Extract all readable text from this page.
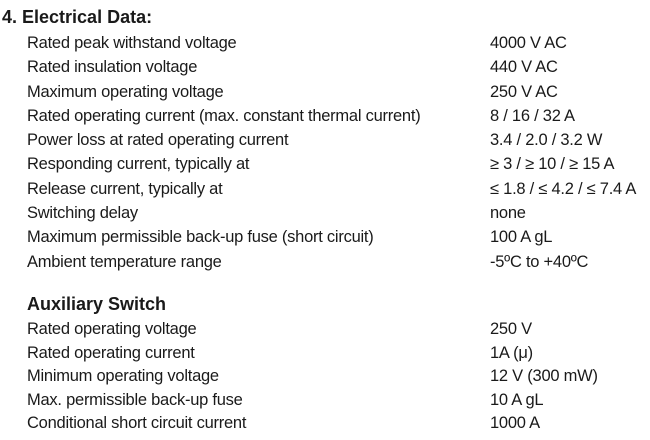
4. Electrical Data:
Rated peak withstand voltage	4000 V AC
Rated insulation voltage	440 V AC
Maximum operating voltage	250 V AC
Rated operating current (max. constant thermal current)	8 / 16 / 32 A
Power loss at rated operating current	3.4 / 2.0 / 3.2 W
Responding current, typically at	≥ 3 / ≥ 10 / ≥ 15 A
Release current, typically at	≤ 1.8 / ≤ 4.2 / ≤ 7.4 A
Switching delay	none
Maximum permissible back-up fuse (short circuit)	100 A gL
Ambient temperature range	-5ºC to +40ºC
Auxiliary Switch
Rated operating voltage	250 V
Rated operating current	1A (μ)
Minimum operating voltage	12 V (300 mW)
Max. permissible back-up fuse	10 A gL
Conditional short circuit current	1000 A
